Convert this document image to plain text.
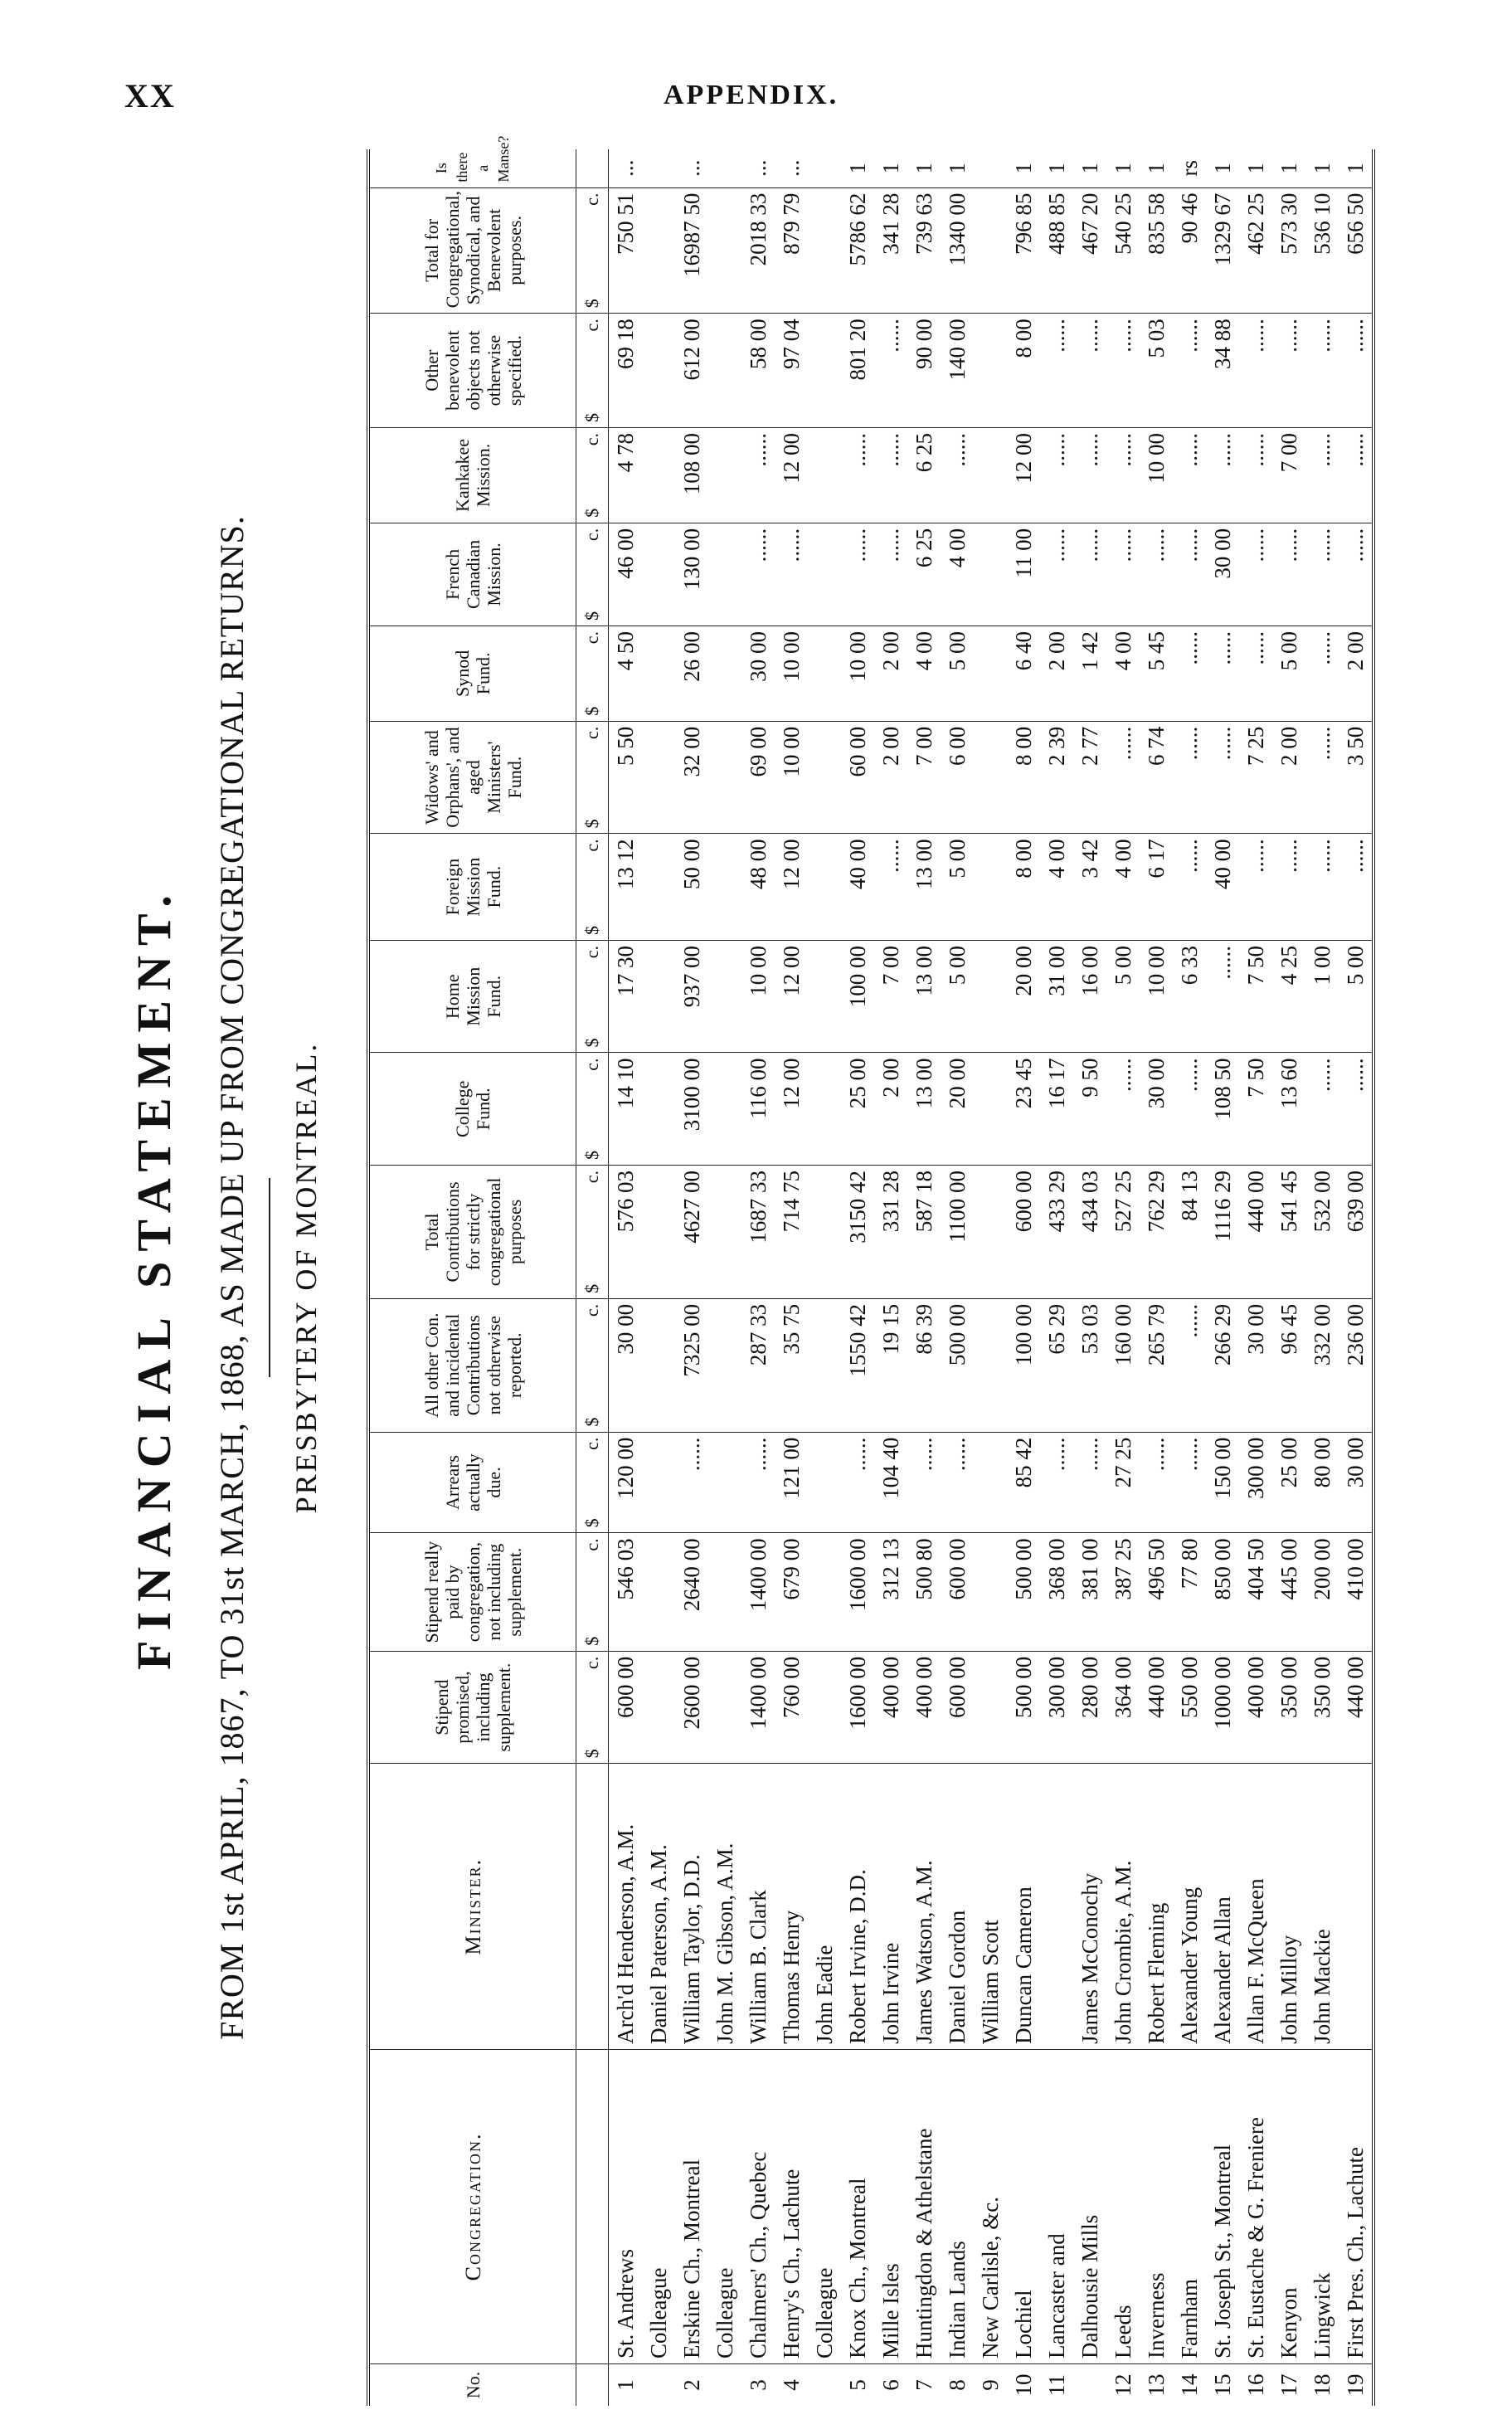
XX	APPENDIX.
FINANCIAL STATEMENT. FROM 1st APRIL, 1867, TO 31st MARCH, 1868, AS MADE UP FROM CONGREGATIONAL RETURNS. PRESBYTERY OF MONTREAL.
No.	Congregation.	Minister.	Stipend promised, including supplement.	Stipend really paid by congregation, not including supplement.	Arrears actually due.	All other Con. and incidental Contributions not otherwise reported.	Total Contributions for strictly congregational purposes	College Fund.	Home Mission Fund.	Foreign Mission Fund.	Widows' and Orphans', and aged Ministers' Fund.	Synod Fund.	French Canadian Mission.	Kankakee Mission.	Other benevolent objects not otherwise specified.	Total for Congregational, Synodical, and Benevolent purposes.	Is there a Manse?

			$
c.	$
c.	$
c.	$
c.	$
c.	$
c.	$
c.	$
c.	$
c.	$
c.	$
c.	$
c.	$
c.	$
c.	

1	St. Andrews	Arch'd Henderson, A.M.	600 00	546 03	120 00	30 00	576 03	14 10	17 30	13 12	5 50	4 50	46 00	4 78	69 18	750 51	...
	Colleague	Daniel Paterson, A.M.															
2	Erskine Ch., Montreal	William Taylor, D.D.	2600 00	2640 00	......	7325 00	4627 00	3100 00	937 00	50 00	32 00	26 00	130 00	108 00	612 00	16987 50	...
	Colleague	John M. Gibson, A.M.															
3	Chalmers' Ch., Quebec	William B. Clark	1400 00	1400 00	......	287 33	1687 33	116 00	10 00	48 00	69 00	30 00	......	......	58 00	2018 33	...
4	Henry's Ch., Lachute	Thomas Henry	760 00	679 00	121 00	35 75	714 75	12 00	12 00	12 00	10 00	10 00	......	12 00	97 04	879 79	...
	Colleague	John Eadie															
5	Knox Ch., Montreal	Robert Irvine, D.D.	1600 00	1600 00	......	1550 42	3150 42	25 00	100 00	40 00	60 00	10 00	......	......	801 20	5786 62	1
6	Mille Isles	John Irvine	400 00	312 13	104 40	19 15	331 28	2 00	7 00	......	2 00	2 00	......	......	......	341 28	1
7	Huntingdon & Athelstane	James Watson, A.M.	400 00	500 80	......	86 39	587 18	13 00	13 00	13 00	7 00	4 00	6 25	6 25	90 00	739 63	1
8	Indian Lands	Daniel Gordon	600 00	600 00	......	500 00	1100 00	20 00	5 00	5 00	6 00	5 00	4 00	......	140 00	1340 00	1
9	New Carlisle, &c.	William Scott															
10	Lochiel	Duncan Cameron	500 00	500 00	85 42	100 00	600 00	23 45	20 00	8 00	8 00	6 40	11 00	12 00	8 00	796 85	1
11	Lancaster and		300 00	368 00	......	65 29	433 29	16 17	31 00	4 00	2 39	2 00	......	......	......	488 85	1
	Dalhousie Mills	James McConochy	280 00	381 00	......	53 03	434 03	9 50	16 00	3 42	2 77	1 42	......	......	......	467 20	1
12	Leeds	John Crombie, A.M.	364 00	387 25	27 25	160 00	527 25	......	5 00	4 00	......	4 00	......	......	......	540 25	1
13	Inverness	Robert Fleming	440 00	496 50	......	265 79	762 29	30 00	10 00	6 17	6 74	5 45	......	10 00	5 03	835 58	1
14	Farnham	Alexander Young	550 00	77 80	......	......	84 13	......	6 33	......	......	......	......	......	......	90 46	rs
15	St. Joseph St., Montreal	Alexander Allan	1000 00	850 00	150 00	266 29	1116 29	108 50	......	40 00	......	......	30 00	......	34 88	1329 67	1
16	St. Eustache & G. Freniere	Allan F. McQueen	400 00	404 50	300 00	30 00	440 00	7 50	7 50	......	7 25	......	......	......	......	462 25	1
17	Kenyon	John Milloy	350 00	445 00	25 00	96 45	541 45	13 60	4 25	......	2 00	5 00	......	7 00	......	573 30	1
18	Lingwick	John Mackie	350 00	200 00	80 00	332 00	532 00	......	1 00	......	......	......	......	......	......	536 10	1
19	First Pres. Ch., Lachute		440 00	410 00	30 00	236 00	639 00	......	5 00	......	3 50	2 00	......	......	......	656 50	1
